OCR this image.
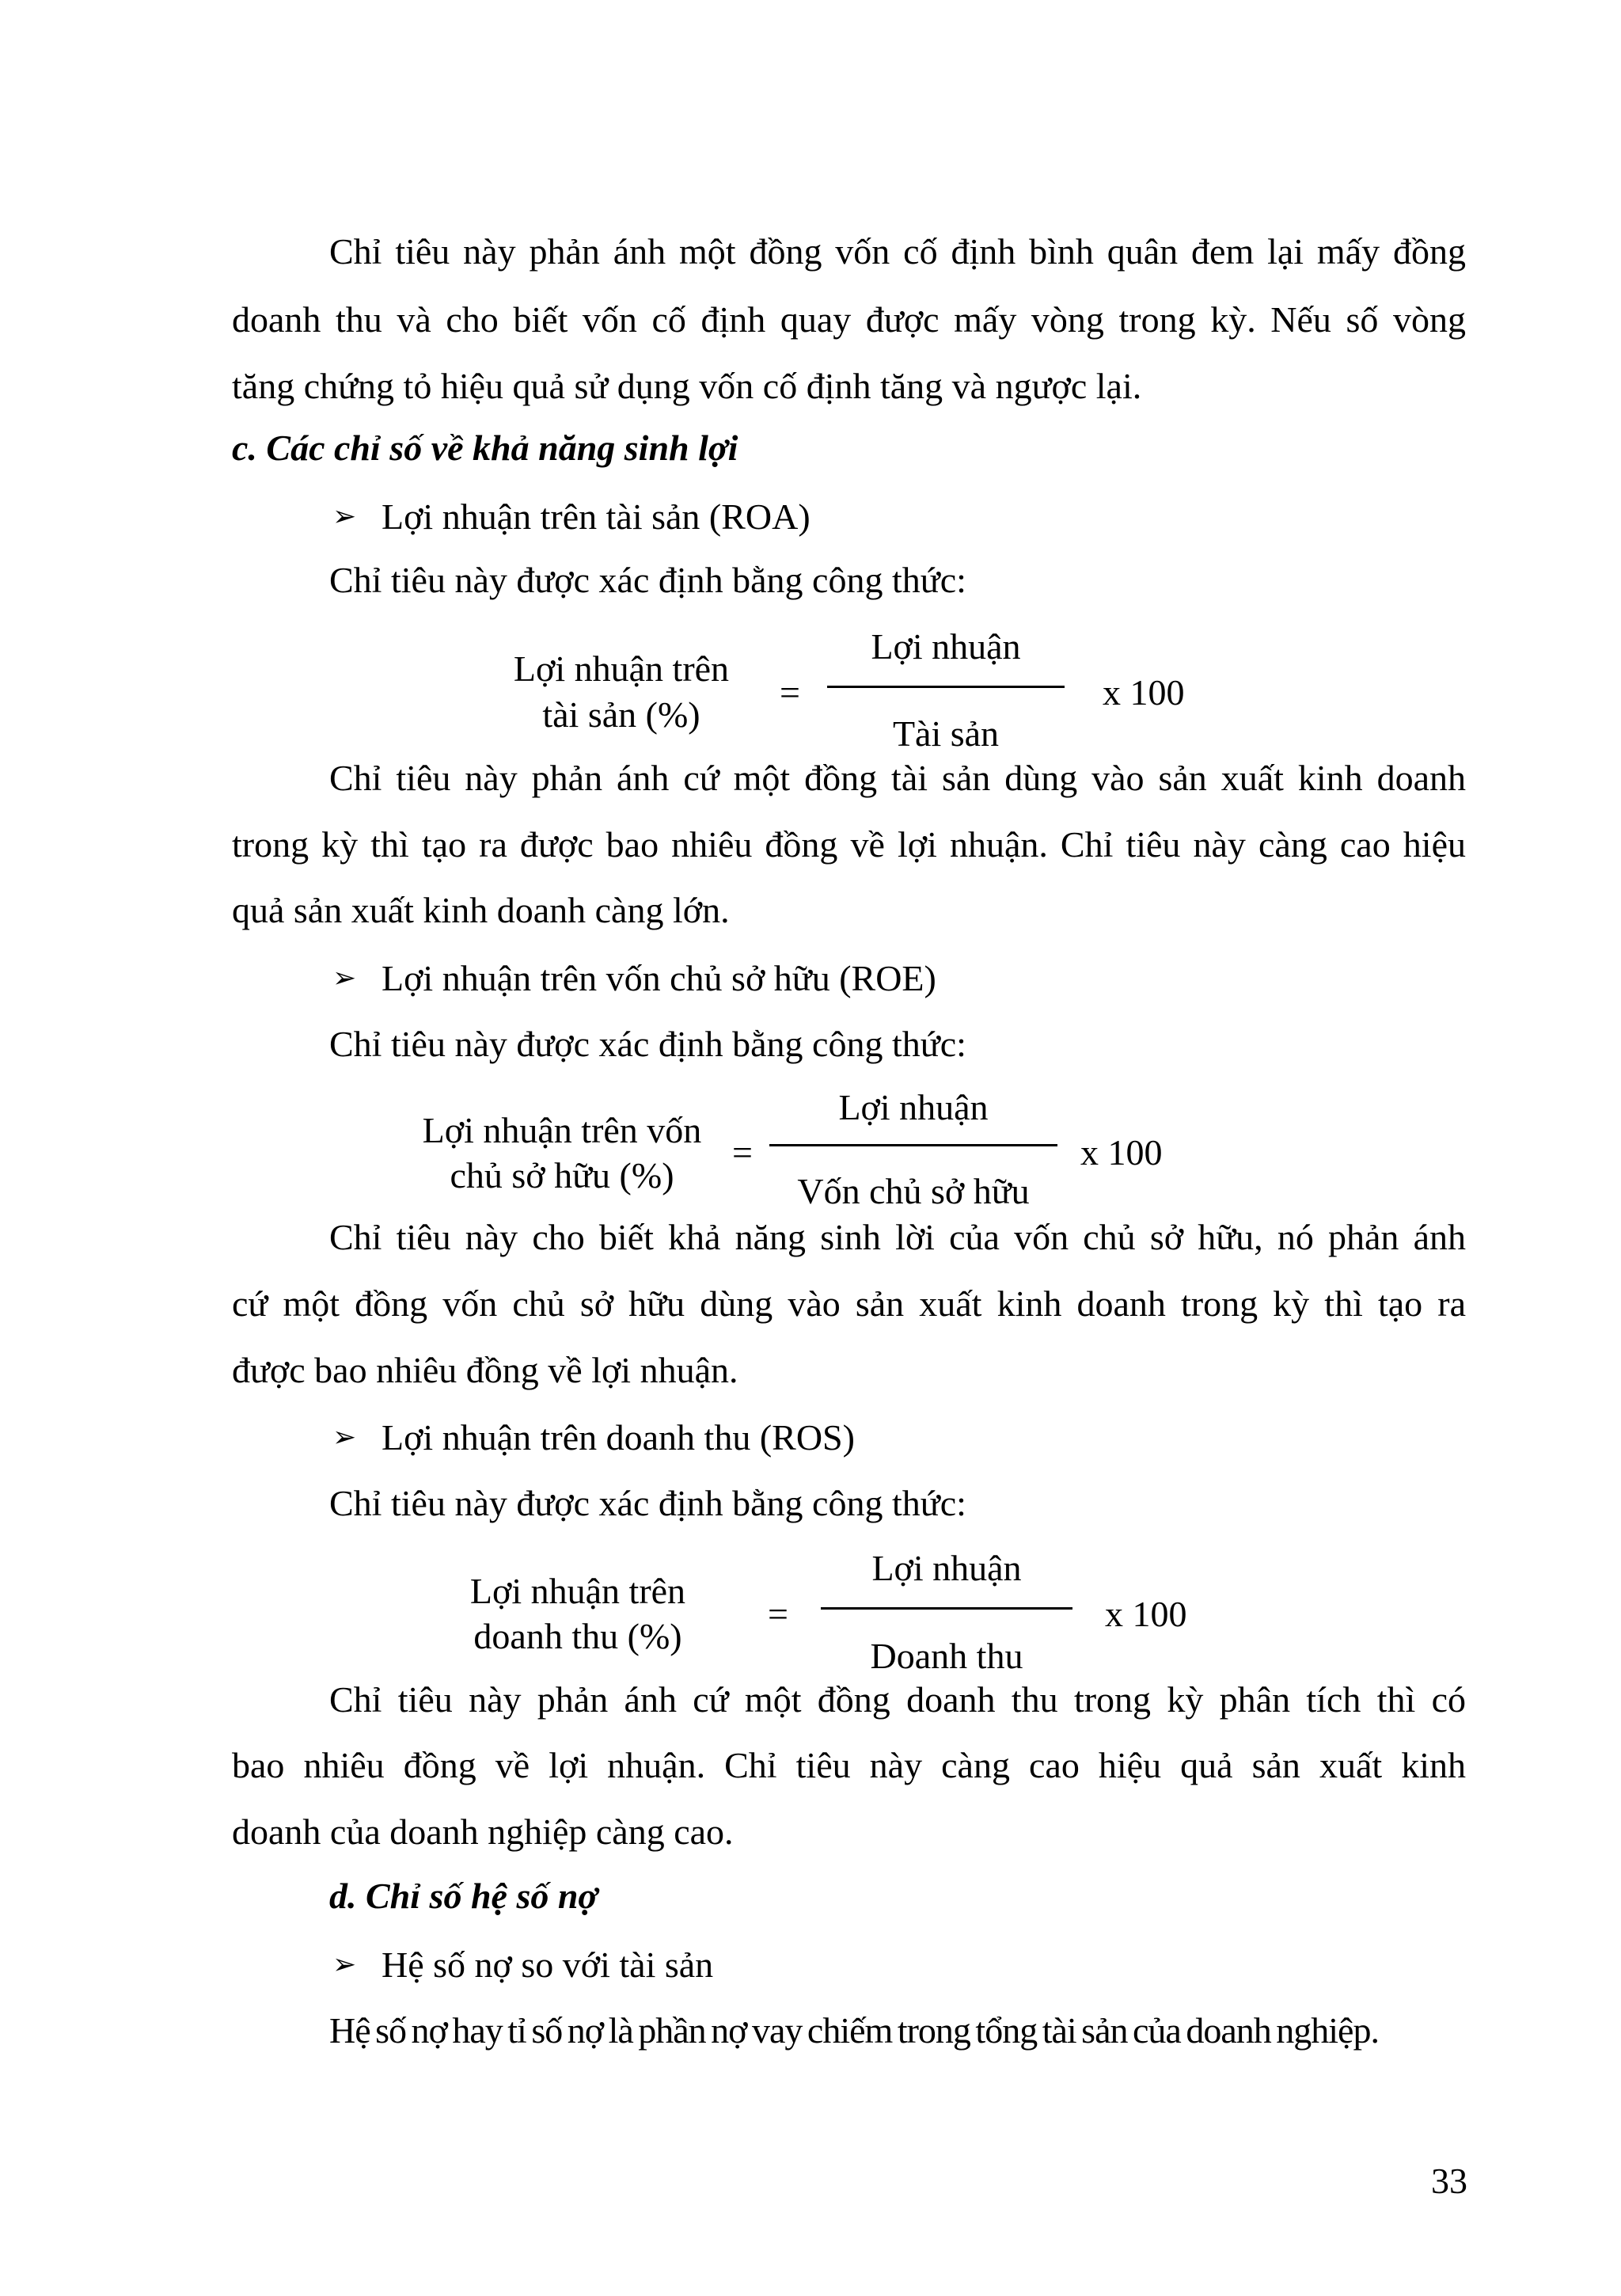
Chỉ tiêu này phản ánh một đồng vốn cố định bình quân đem lại mấy đồng

doanh thu và cho biết vốn cố định quay được mấy vòng trong kỳ. Nếu số vòng

tăng chứng tỏ hiệu quả sử dụng vốn cố định tăng và ngược lại.

c. Các chỉ số về khả năng sinh lợi

➢ Lợi nhuận trên tài sản (ROA)

Chỉ tiêu này được xác định bằng công thức:

Lợi nhuận trên

tài sản (%)

=

Lợi nhuận

Tài sản

x 100

Chỉ tiêu này phản ánh cứ một đồng tài sản dùng vào sản xuất kinh doanh

trong kỳ thì tạo ra được bao nhiêu đồng về lợi nhuận. Chỉ tiêu này càng cao hiệu

quả sản xuất kinh doanh càng lớn.

➢ Lợi nhuận trên vốn chủ sở hữu (ROE)

Chỉ tiêu này được xác định bằng công thức:

Lợi nhuận trên vốn

chủ sở hữu (%)

=

Lợi nhuận

Vốn chủ sở hữu

x 100

Chỉ tiêu này cho biết khả năng sinh lời của vốn chủ sở hữu, nó phản ánh

cứ một đồng vốn chủ sở hữu dùng vào sản xuất kinh doanh trong kỳ thì tạo ra

được bao nhiêu đồng về lợi nhuận.

➢ Lợi nhuận trên doanh thu (ROS)

Chỉ tiêu này được xác định bằng công thức:

Lợi nhuận trên

doanh thu (%)

=

Lợi nhuận

Doanh thu

x 100

Chỉ tiêu này phản ánh cứ một đồng doanh thu trong kỳ phân tích thì có

bao nhiêu đồng về lợi nhuận. Chỉ tiêu này càng cao hiệu quả sản xuất kinh

doanh của doanh nghiệp càng cao.

d. Chỉ số hệ số nợ

➢ Hệ số nợ so với tài sản

Hệ số nợ hay tỉ số nợ là phần nợ vay chiếm trong tổng tài sản của doanh nghiệp.

33
